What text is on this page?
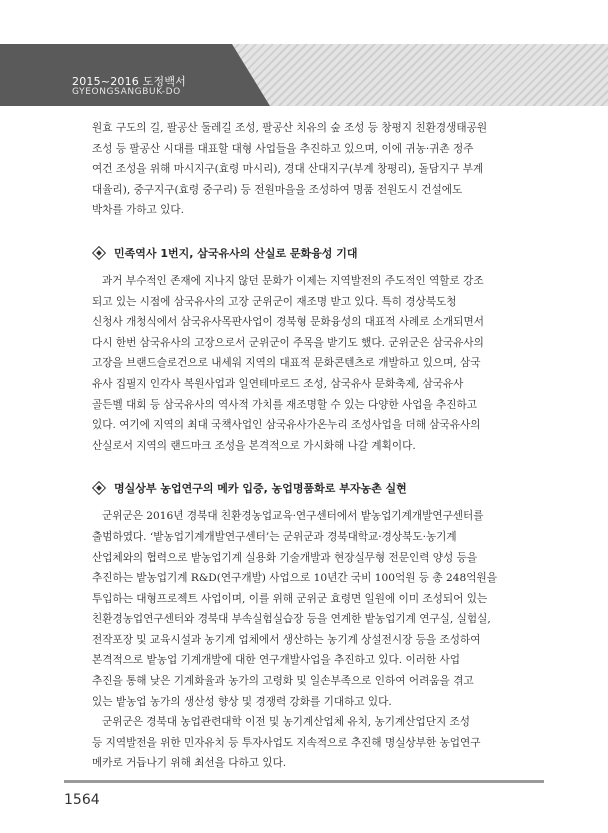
2015~2016 도정백서
GYEONGSANGBUK-DO

원효 구도의 길, 팔공산 둘레길 조성, 팔공산 치유의 숲 조성 등 창평지 친환경생태공원

조성 등 팔공산 시대를 대표할 대형 사업들을 추진하고 있으며, 이에 귀농·귀촌 정주

여건 조성을 위해 마시지구(효령 마시리), 경대 산대지구(부계 창평리), 돌담지구 부계

대율리), 중구지구(효령 중구리) 등 전원마을을 조성하여 명품 전원도시 건설에도

박차를 가하고 있다.

민족역사 1번지, 삼국유사의 산실로 문화융성 기대

과거 부수적인 존재에 지나지 않던 문화가 이제는 지역발전의 주도적인 역할로 강조

되고 있는 시점에 삼국유사의 고장 군위군이 재조명 받고 있다. 특히 경상북도청

신청사 개청식에서 삼국유사목판사업이 경북형 문화융성의 대표적 사례로 소개되면서

다시 한번 삼국유사의 고장으로서 군위군이 주목을 받기도 했다. 군위군은 삼국유사의

고장을 브랜드슬로건으로 내세워 지역의 대표적 문화콘텐츠로 개발하고 있으며, 삼국

유사 집필지 인각사 복원사업과 일연테마로드 조성, 삼국유사 문화축제, 삼국유사

골든벨 대회 등 삼국유사의 역사적 가치를 재조명할 수 있는 다양한 사업을 추진하고

있다. 여기에 지역의 최대 국책사업인 삼국유사가온누리 조성사업을 더해 삼국유사의

산실로서 지역의 랜드마크 조성을 본격적으로 가시화해 나갈 계획이다.

명실상부 농업연구의 메카 입증, 농업명품화로 부자농촌 실현

군위군은 2016년 경북대 친환경농업교육·연구센터에서 밭농업기계개발연구센터를

출범하였다. ‘밭농업기계개발연구센터’는 군위군과 경북대학교·경상북도·농기계

산업체와의 협력으로 밭농업기계 실용화 기술개발과 현장실무형 전문인력 양성 등을

추진하는 밭농업기계 R&D(연구개발) 사업으로 10년간 국비 100억원 등 총 248억원을

투입하는 대형프로젝트 사업이며, 이를 위해 군위군 효령면 일원에 이미 조성되어 있는

친환경농업연구센터와 경북대 부속실험실습장 등을 연계한 밭농업기계 연구실, 실험실,

전작포장 및 교육시설과 농기계 업체에서 생산하는 농기계 상설전시장 등을 조성하여

본격적으로 밭농업 기계개발에 대한 연구개발사업을 추진하고 있다. 이러한 사업

추진을 통해 낮은 기계화율과 농가의 고령화 및 일손부족으로 인하여 어려움을 겪고

있는 밭농업 농가의 생산성 향상 및 경쟁력 강화를 기대하고 있다.

군위군은 경북대 농업관련대학 이전 및 농기계산업체 유치, 농기계산업단지 조성

등 지역발전을 위한 민자유치 등 투자사업도 지속적으로 추진해 명실상부한 농업연구

메카로 거듭나기 위해 최선을 다하고 있다.

1564
